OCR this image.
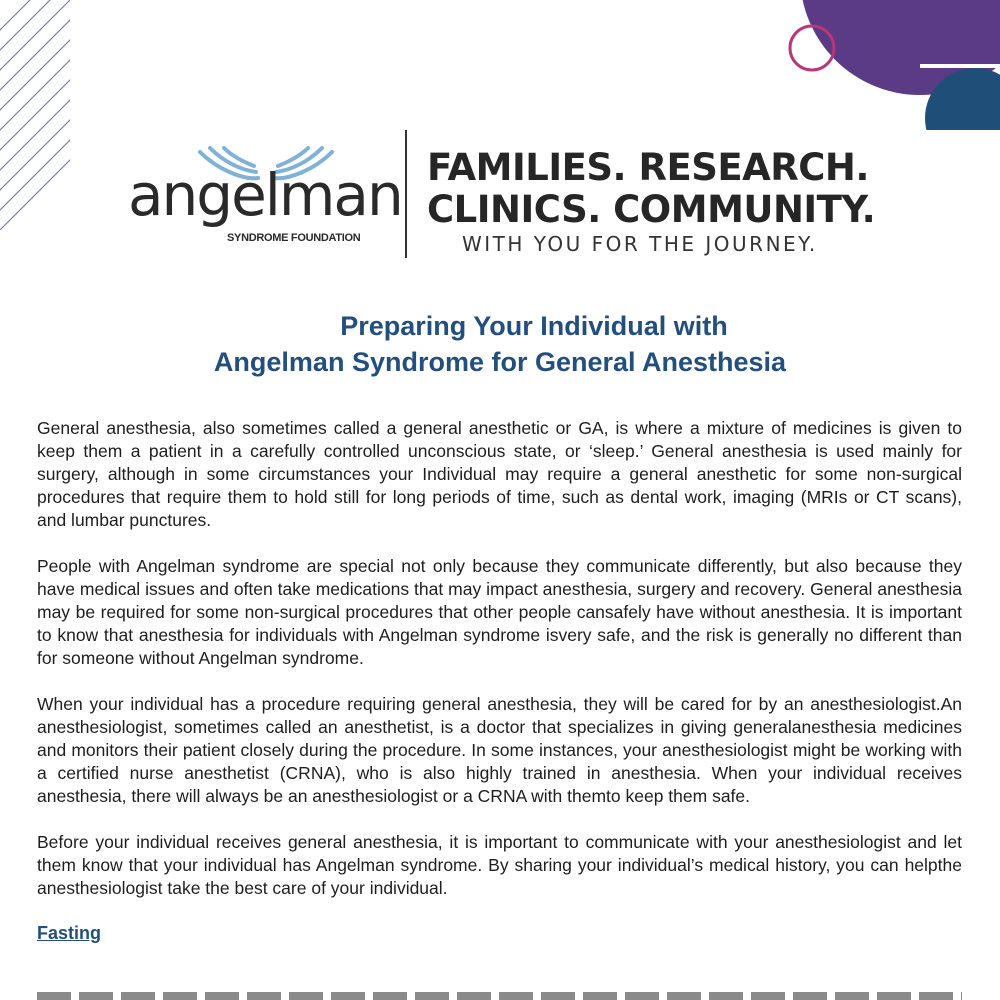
angelman
SYNDROME FOUNDATION
FAMILIES. RESEARCH.
CLINICS. COMMUNITY.
WITH YOU FOR THE JOURNEY.
Preparing Your Individual with
Angelman Syndrome for General Anesthesia

General anesthesia, also sometimes called a general anesthetic or GA, is where a mixture of medicines is given to keep them a patient in a carefully controlled unconscious state, or ‘sleep.’ General anesthesia is used mainly for surgery, although in some circumstances your Individual may require a general anesthetic for some non-surgical procedures that require them to hold still for long periods of time, such as dental work, imaging (MRIs or CT scans), and lumbar punctures.

People with Angelman syndrome are special not only because they communicate differently, but also because they have medical issues and often take medications that may impact anesthesia, surgery and recovery. General anesthesia may be required for some non-surgical procedures that other people cansafely have without anesthesia. It is important to know that anesthesia for individuals with Angelman syndrome isvery safe, and the risk is generally no different than for someone without Angelman syndrome.

When your individual has a procedure requiring general anesthesia, they will be cared for by an anesthesiologist.An anesthesiologist, sometimes called an anesthetist, is a doctor that specializes in giving generalanesthesia medicines and monitors their patient closely during the procedure. In some instances, your anesthesiologist might be working with a certified nurse anesthetist (CRNA), who is also highly trained in anesthesia. When your individual receives anesthesia, there will always be an anesthesiologist or a CRNA with themto keep them safe.

Before your individual receives general anesthesia, it is important to communicate with your anesthesiologist and let them know that your individual has Angelman syndrome. By sharing your individual’s medical history, you can helpthe anesthesiologist take the best care of your individual.

Fasting
